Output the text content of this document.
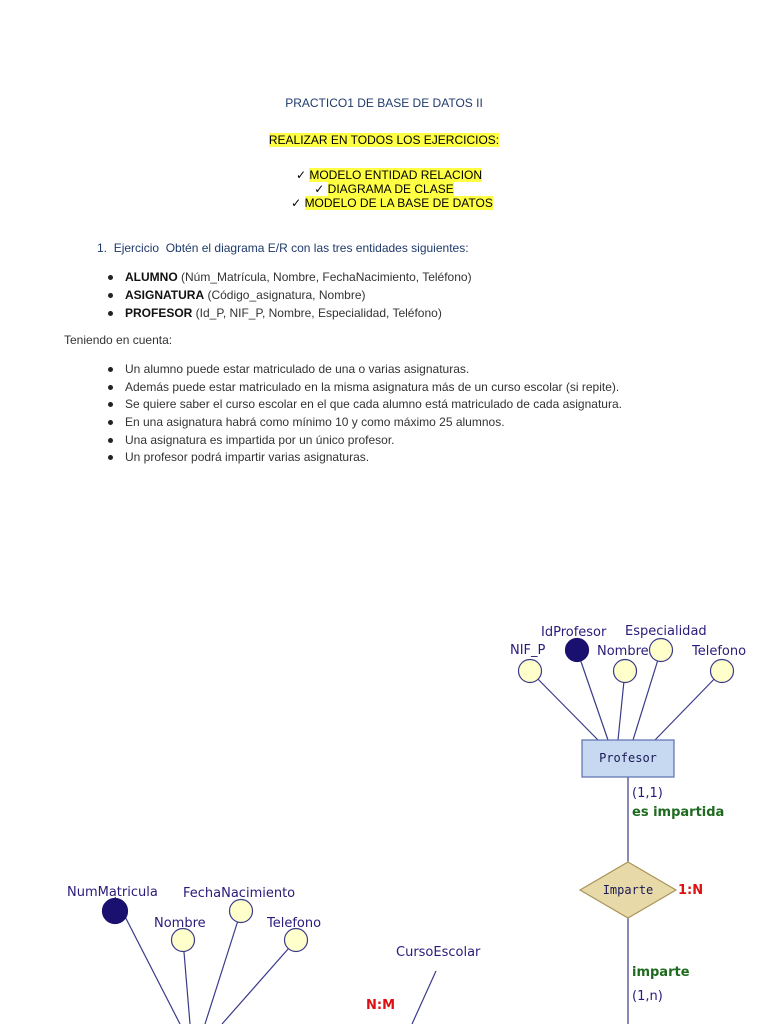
PRACTICO1 DE BASE DE DATOS II
REALIZAR EN TODOS LOS EJERCICIOS:
✓ MODELO ENTIDAD RELACION
✓ DIAGRAMA DE CLASE
✓ MODELO DE LA BASE DE DATOS
1. Ejercicio  Obtén el diagrama E/R con las tres entidades siguientes:
ALUMNO (Núm_Matrícula, Nombre, FechaNacimiento, Teléfono)
ASIGNATURA (Código_asignatura, Nombre)
PROFESOR (Id_P, NIF_P, Nombre, Especialidad, Teléfono)
Teniendo en cuenta:
Un alumno puede estar matriculado de una o varias asignaturas.
Además puede estar matriculado en la misma asignatura más de un curso escolar (si repite).
Se quiere saber el curso escolar en el que cada alumno está matriculado de cada asignatura.
En una asignatura habrá como mínimo 10 y como máximo 25 alumnos.
Una asignatura es impartida por un único profesor.
Un profesor podrá impartir varias asignaturas.
IdProfesor Especialidad
NIF_P	Nombre	Telefono
Profesor
(1,1)
es impartida
Imparte 1:N
imparte
(1,n)
NumMatricula FechaNacimiento
Nombre	Telefono
CursoEscolar
N:M
